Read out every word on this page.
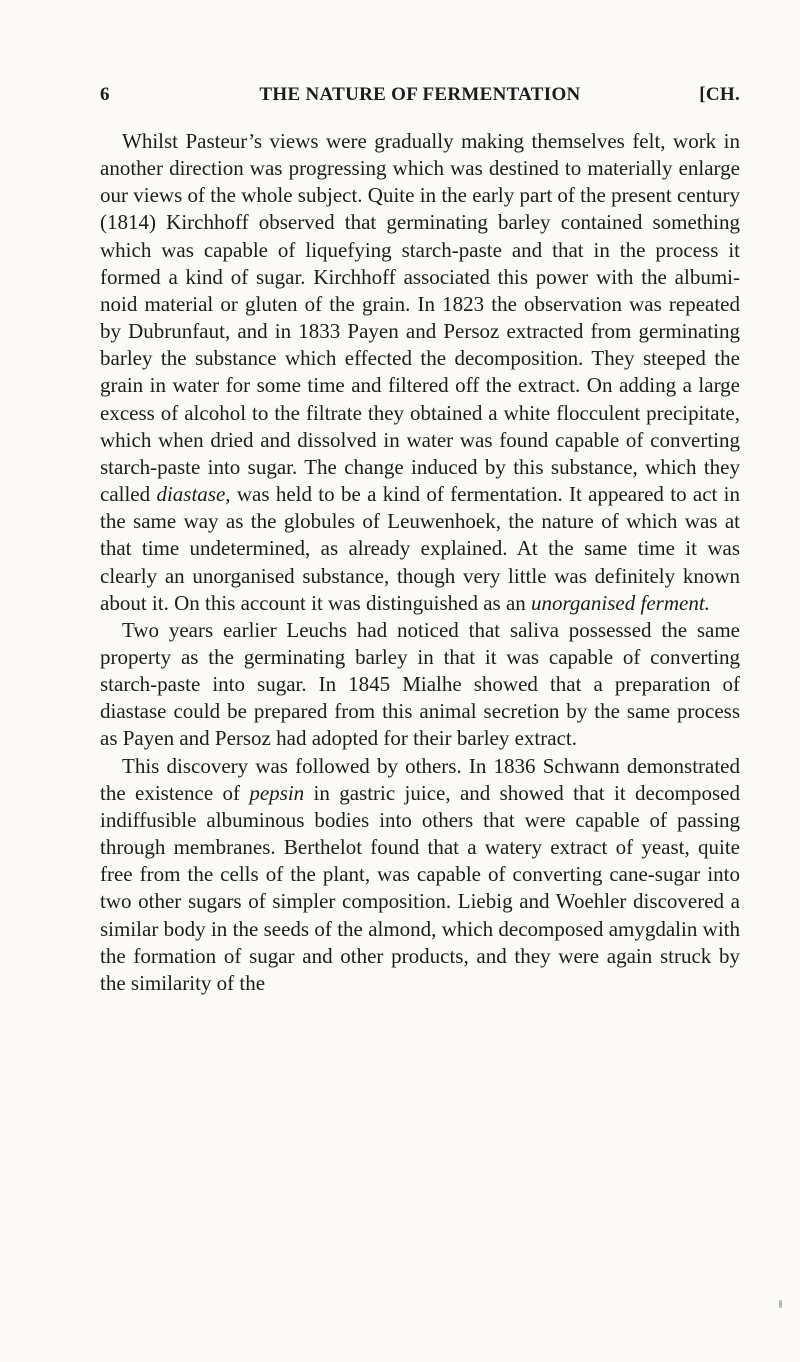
6	THE NATURE OF FERMENTATION	[CH.

Whilst Pasteur’s views were gradually making themselves felt, work in another direction was progressing which was destined to materially enlarge our views of the whole subject. Quite in the early part of the present century (1814) Kirchhoff observed that germinating barley contained something which was capable of liquefying starch-paste and that in the process it formed a kind of sugar. Kirchhoff associated this power with the albuminoid material or gluten of the grain. In 1823 the observation was repeated by Dubrunfaut, and in 1833 Payen and Persoz extracted from germinating barley the substance which effected the decomposition. They steeped the grain in water for some time and filtered off the extract. On adding a large excess of alcohol to the filtrate they obtained a white flocculent precipitate, which when dried and dissolved in water was found capable of converting starch-paste into sugar. The change induced by this substance, which they called diastase, was held to be a kind of fermentation. It appeared to act in the same way as the globules of Leuwenhoek, the nature of which was at that time undetermined, as already explained. At the same time it was clearly an unorganised substance, though very little was definitely known about it. On this account it was distinguished as an unorganised ferment.

Two years earlier Leuchs had noticed that saliva possessed the same property as the germinating barley in that it was capable of converting starch-paste into sugar. In 1845 Mialhe showed that a preparation of diastase could be prepared from this animal secretion by the same process as Payen and Persoz had adopted for their barley extract.

This discovery was followed by others. In 1836 Schwann demonstrated the existence of pepsin in gastric juice, and showed that it decomposed indiffusible albuminous bodies into others that were capable of passing through membranes. Berthelot found that a watery extract of yeast, quite free from the cells of the plant, was capable of converting cane-sugar into two other sugars of simpler composition. Liebig and Woehler discovered a similar body in the seeds of the almond, which decomposed amygdalin with the formation of sugar and other products, and they were again struck by the similarity of the
